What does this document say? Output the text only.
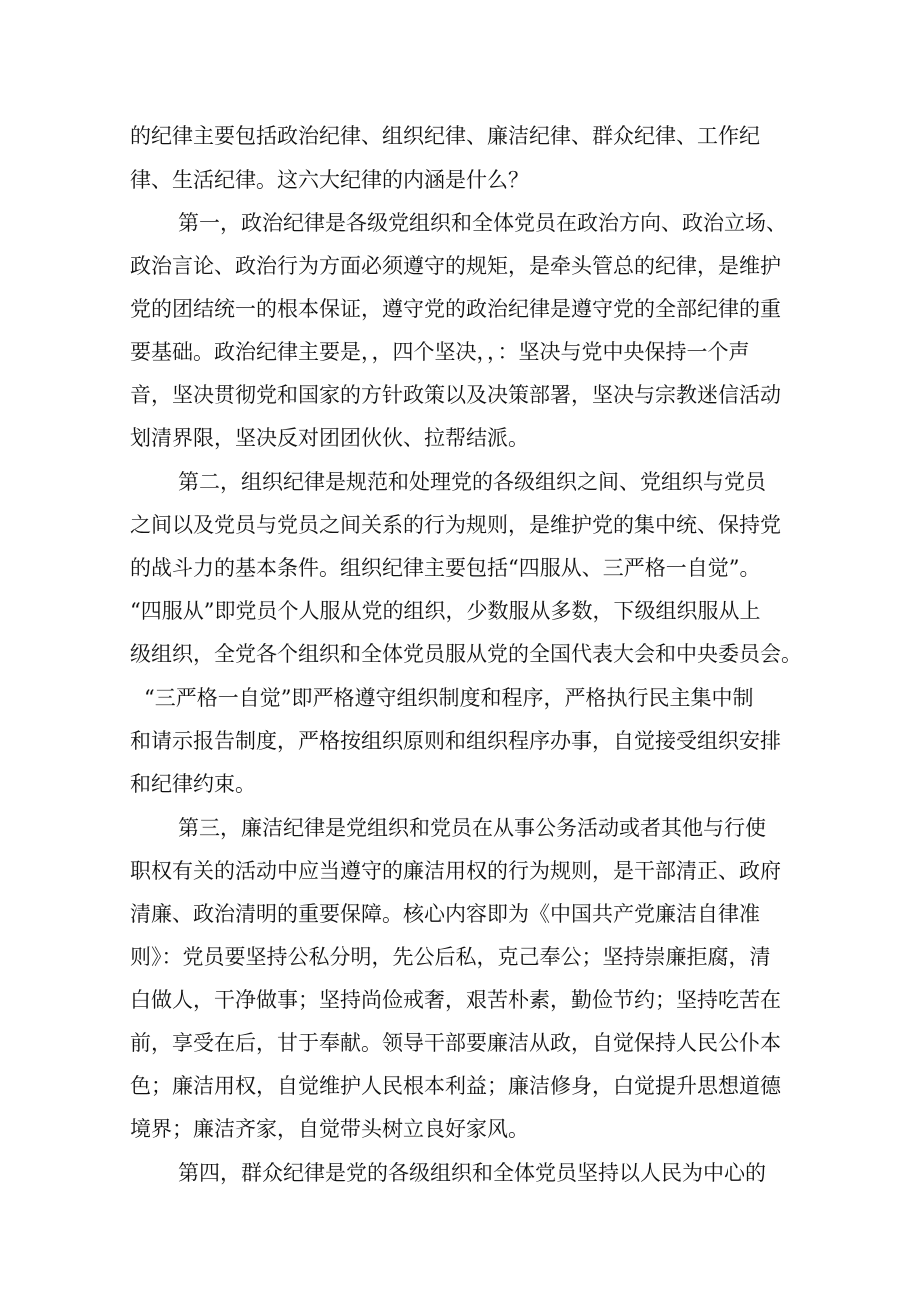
的纪律主要包括政治纪律、组织纪律、廉洁纪律、群众纪律、工作纪
律、生活纪律。这六大纪律的内涵是什么？
第一，政治纪律是各级党组织和全体党员在政治方向、政治立场、
政治言论、政治行为方面必须遵守的规矩，是牵头管总的纪律，是维护
党的团结统一的根本保证，遵守党的政治纪律是遵守党的全部纪律的重
要基础。政治纪律主要是，，四个坚决，，：坚决与党中央保持一个声
音，坚决贯彻党和国家的方针政策以及决策部署，坚决与宗教迷信活动
划清界限，坚决反对团团伙伙、拉帮结派。
第二，组织纪律是规范和处理党的各级组织之间、党组织与党员
之间以及党员与党员之间关系的行为规则，是维护党的集中统、保持党
的战斗力的基本条件。组织纪律主要包括“四服从、三严格一自觉”。
“四服从”即党员个人服从党的组织，少数服从多数，下级组织服从上
级组织，全党各个组织和全体党员服从党的全国代表大会和中央委员会。
“三严格一自觉”即严格遵守组织制度和程序，严格执行民主集中制
和请示报告制度，严格按组织原则和组织程序办事，自觉接受组织安排
和纪律约束。
第三，廉洁纪律是党组织和党员在从事公务活动或者其他与行使
职权有关的活动中应当遵守的廉洁用权的行为规则，是干部清正、政府
清廉、政治清明的重要保障。核心内容即为《中国共产党廉洁自律准
则》：党员要坚持公私分明，先公后私，克己奉公；坚持崇廉拒腐，清
白做人，干净做事；坚持尚俭戒奢，艰苦朴素，勤俭节约；坚持吃苦在
前，享受在后，甘于奉献。领导干部要廉洁从政，自觉保持人民公仆本
色；廉洁用权，自觉维护人民根本利益；廉洁修身，白觉提升思想道德
境界；廉洁齐家，自觉带头树立良好家风。
第四，群众纪律是党的各级组织和全体党员坚持以人民为中心的
